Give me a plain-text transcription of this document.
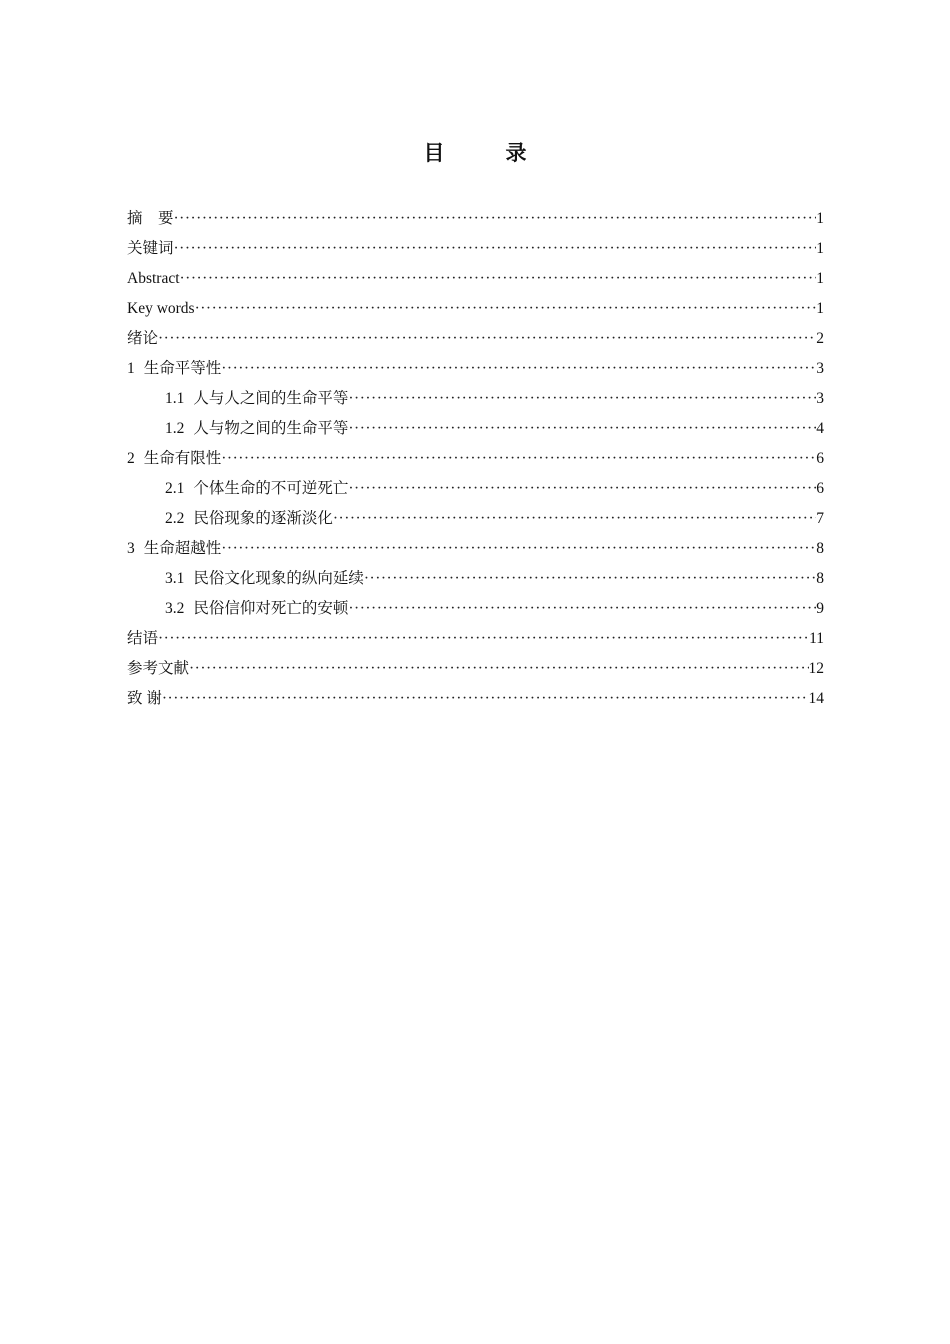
目　录
摘　要 ·····	1
关键词 ·····	1
Abstract ·····	1
Key words ·····	1
绪论 ·····	2
1 生命平等性 ·····	3
1.1 人与人之间的生命平等 ·····	3
1.2 人与物之间的生命平等 ·····	4
2 生命有限性 ·····	6
2.1 个体生命的不可逆死亡 ·····	6
2.2 民俗现象的逐渐淡化 ·····	7
3 生命超越性 ·····	8
3.1 民俗文化现象的纵向延续 ·····	8
3.2 民俗信仰对死亡的安顿 ·····	9
结语 ·····	11
参考文献 ·····	12
致 谢 ·····	14
